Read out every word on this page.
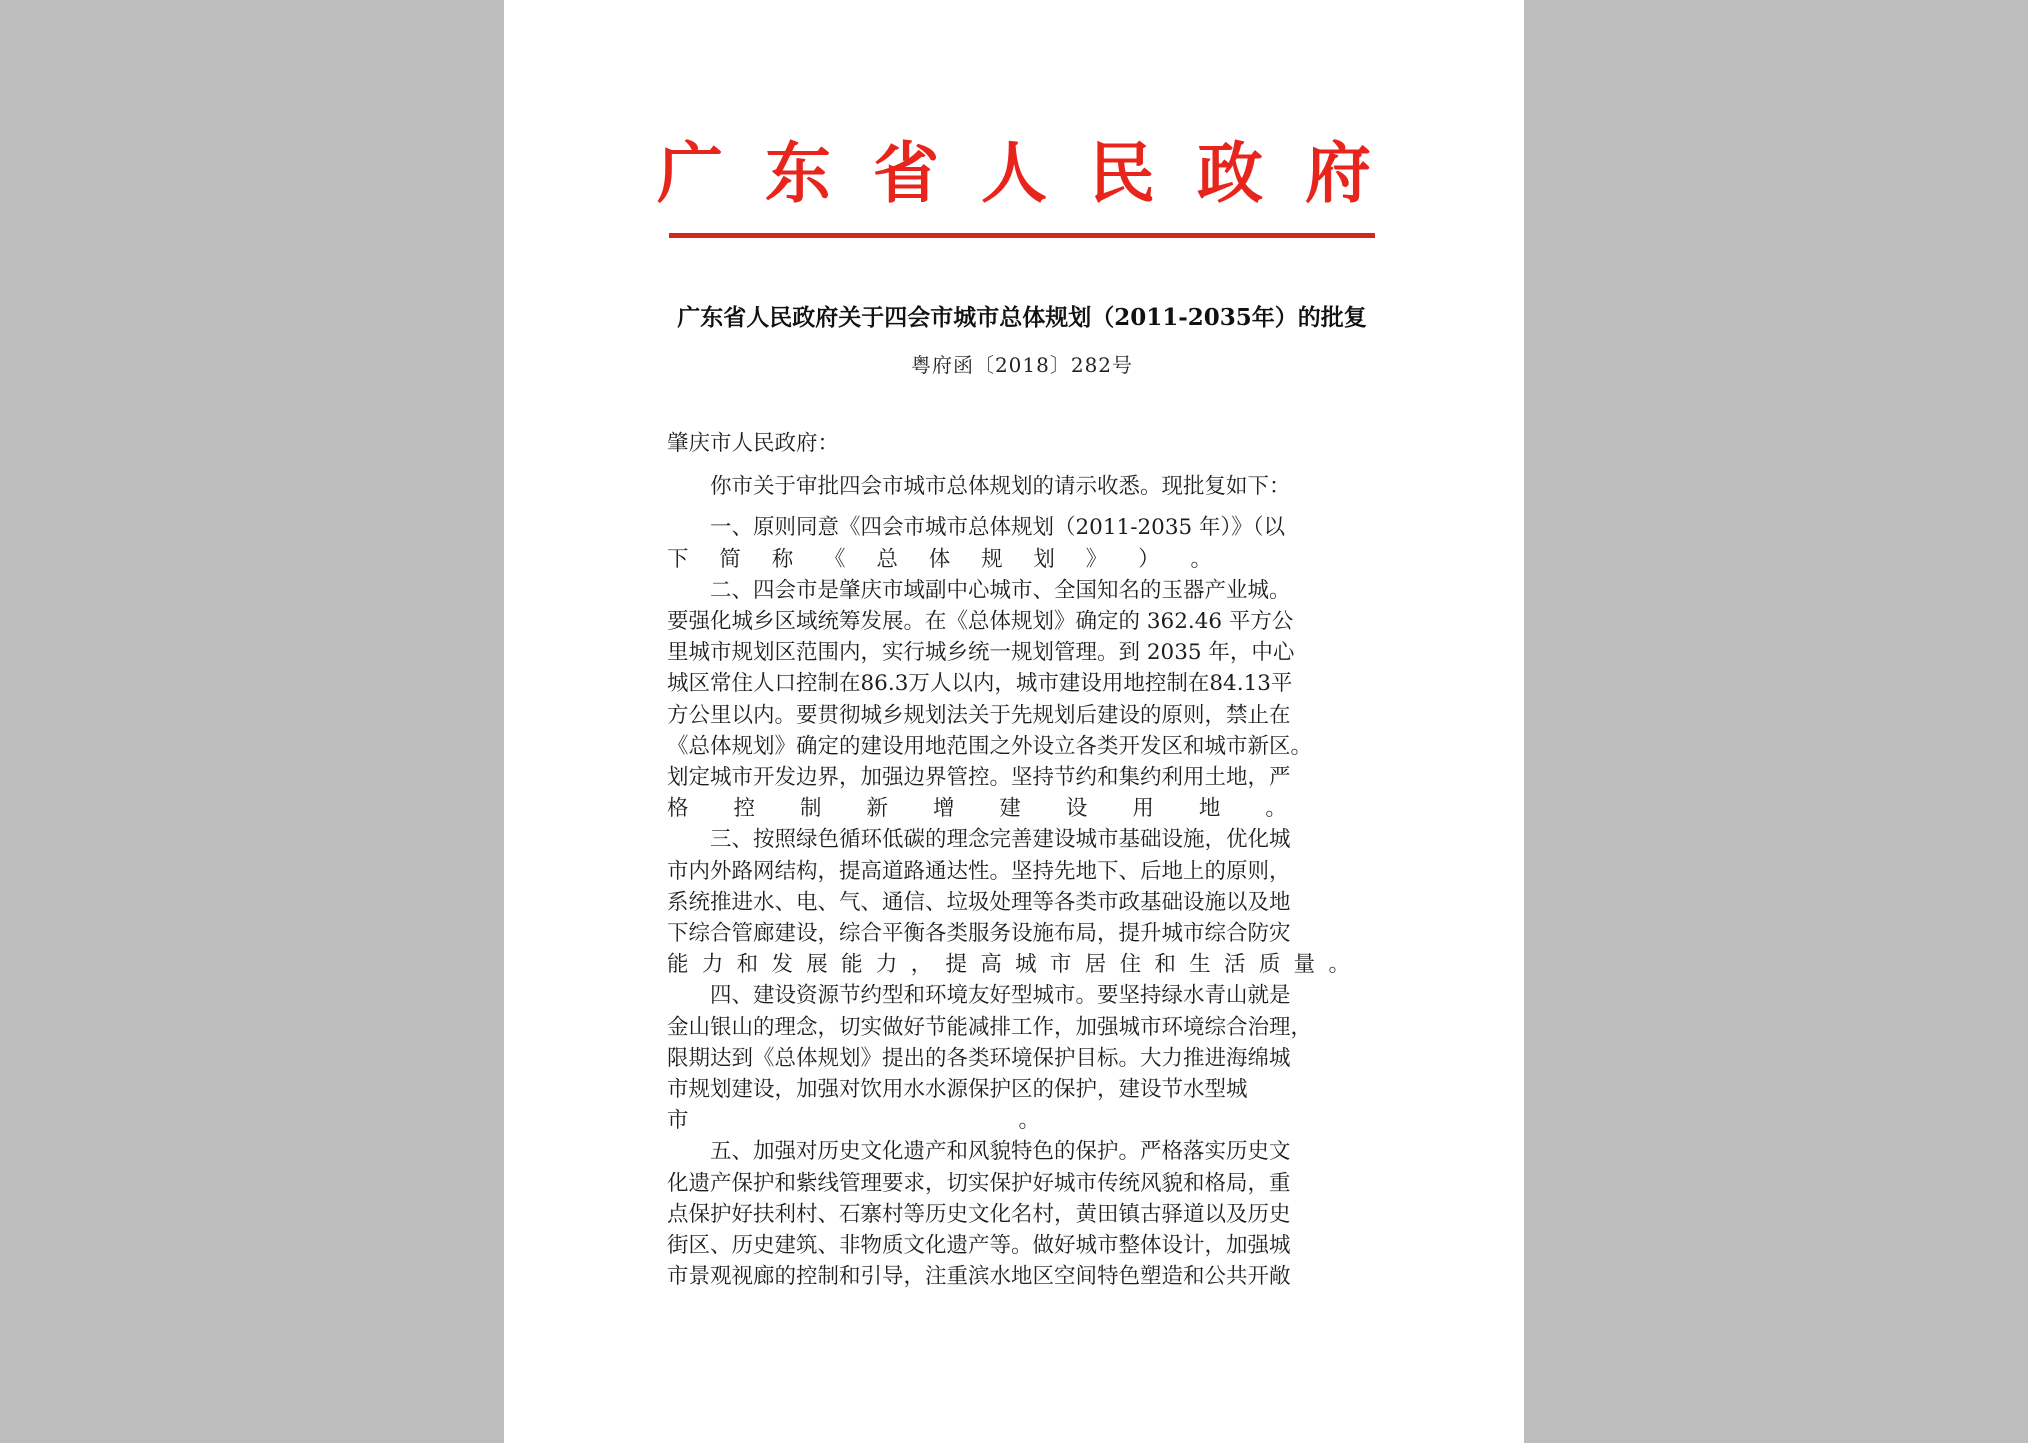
广东省人民政府
广东省人民政府关于四会市城市总体规划（2011-2035年）的批复
粤府函〔2018〕282号
肇庆市人民政府：

你市关于审批四会市城市总体规划的请示收悉。现批复如下：

一、原则同意《四会市城市总体规划（2011-2035 年）》（以
下 简 称 《 总 体 规 划 》 ） 。

二、四会市是肇庆市域副中心城市、全国知名的玉器产业城。
要强化城乡区域统筹发展。在《总体规划》确定的 362.46 平方公
里城市规划区范围内，实行城乡统一规划管理。到 2035 年，中心
城区常住人口控制在86.3万人以内，城市建设用地控制在84.13平
方公里以内。要贯彻城乡规划法关于先规划后建设的原则，禁止在
《总体规划》确定的建设用地范围之外设立各类开发区和城市新区。
划定城市开发边界，加强边界管控。坚持节约和集约利用土地，严
格 控 制 新 增 建 设 用 地 。

三、按照绿色循环低碳的理念完善建设城市基础设施，优化城
市内外路网结构，提高道路通达性。坚持先地下、后地上的原则，
系统推进水、电、气、通信、垃圾处理等各类市政基础设施以及地
下综合管廊建设，综合平衡各类服务设施布局，提升城市综合防灾
能 力 和 发 展 能 力 ， 提 高 城 市 居 住 和 生 活 质 量 。

四、建设资源节约型和环境友好型城市。要坚持绿水青山就是
金山银山的理念，切实做好节能减排工作，加强城市环境综合治理，
限期达到《总体规划》提出的各类环境保护目标。大力推进海绵城
市规划建设，加强对饮用水水源保护区的保护，建设节水型城
市	。

五、加强对历史文化遗产和风貌特色的保护。严格落实历史文
化遗产保护和紫线管理要求，切实保护好城市传统风貌和格局，重
点保护好扶利村、石寨村等历史文化名村，黄田镇古驿道以及历史
街区、历史建筑、非物质文化遗产等。做好城市整体设计，加强城
市景观视廊的控制和引导，注重滨水地区空间特色塑造和公共开敞
